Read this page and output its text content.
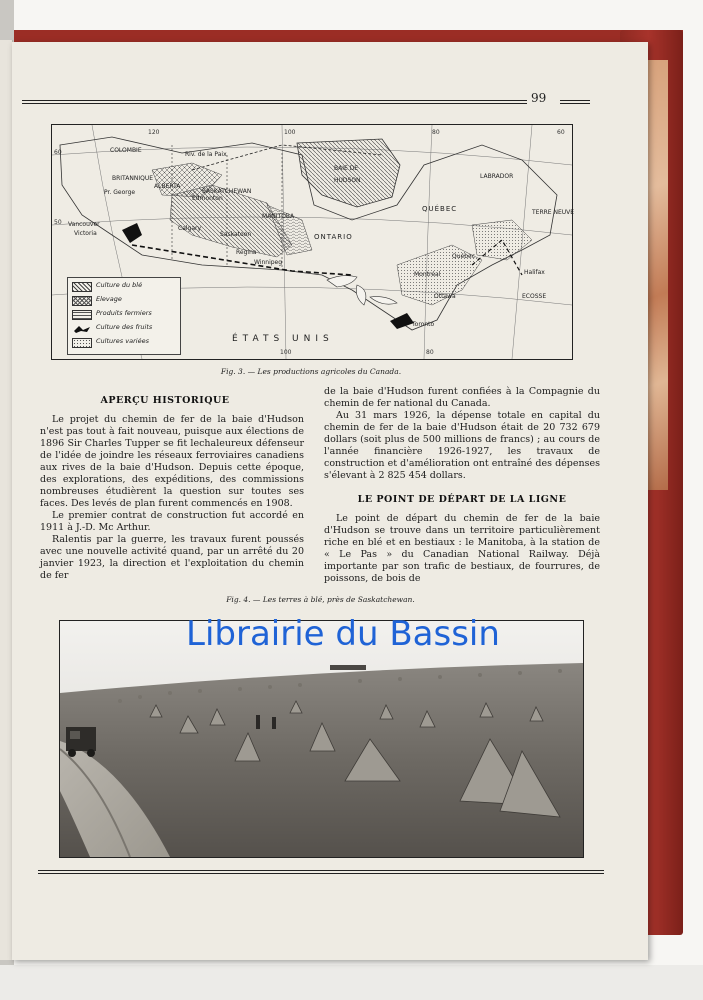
99
120	100	80	60
100	80
60
50
COLOMBIE
BRITANNIQUE
ALBERTA
SASKATCHEWAN
MANITOBA
ONTARIO
QUÉBEC
LABRADOR
TERRE NEUVE
ECOSSE
BAIE DE
HUDSON
ÉTATS UNIS
Riv. de la Paix
Pr. George
Edmonton
Calgary
Saskatoon
Regina
Winnipeg
Vancouver
Victoria
Québec
Montréal
Ottawa
Toronto
Halifax
Culture du blé
Elevage
Produits fermiers
Culture des fruits
Cultures variées
Fig. 3. — Les productions agricoles du Canada.
APERÇU HISTORIQUE

Le projet du chemin de fer de la baie d'Hudson n'est pas tout à fait nouveau, puisque aux élections de 1896 Sir Charles Tupper se fit lechaleureux défenseur de l'idée de joindre les réseaux ferroviaires canadiens aux rives de la baie d'Hudson. Depuis cette époque, des explorations, des expéditions, des commissions nombreuses étudièrent la question sur toutes ses faces. Des levés de plan furent commencés en 1908.

Le premier contrat de construction fut accordé en 1911 à J.-D. Mc Arthur.

Ralentis par la guerre, les travaux furent poussés avec une nouvelle activité quand, par un arrêté du 20 janvier 1923, la direction et l'exploitation du chemin de fer

de la baie d'Hudson furent confiées à la Compagnie du chemin de fer national du Canada.

Au 31 mars 1926, la dépense totale en capital du chemin de fer de la baie d'Hudson était de 20 732 679 dollars (soit plus de 500 millions de francs) ; au cours de l'année financière 1926-1927, les travaux de construction et d'amélioration ont entraîné des dépenses s'élevant à 2 825 454 dollars.

LE POINT DE DÉPART DE LA LIGNE

Le point de départ du chemin de fer de la baie d'Hudson se trouve dans un territoire particulièrement riche en blé et en bestiaux : le Manitoba, à la station de « Le Pas » du Canadian National Railway. Déjà importante par son trafic de bestiaux, de fourrures, de poissons, de bois de

Fig. 4. — Les terres à blé, près de Saskatchewan.
Librairie du Bassin
